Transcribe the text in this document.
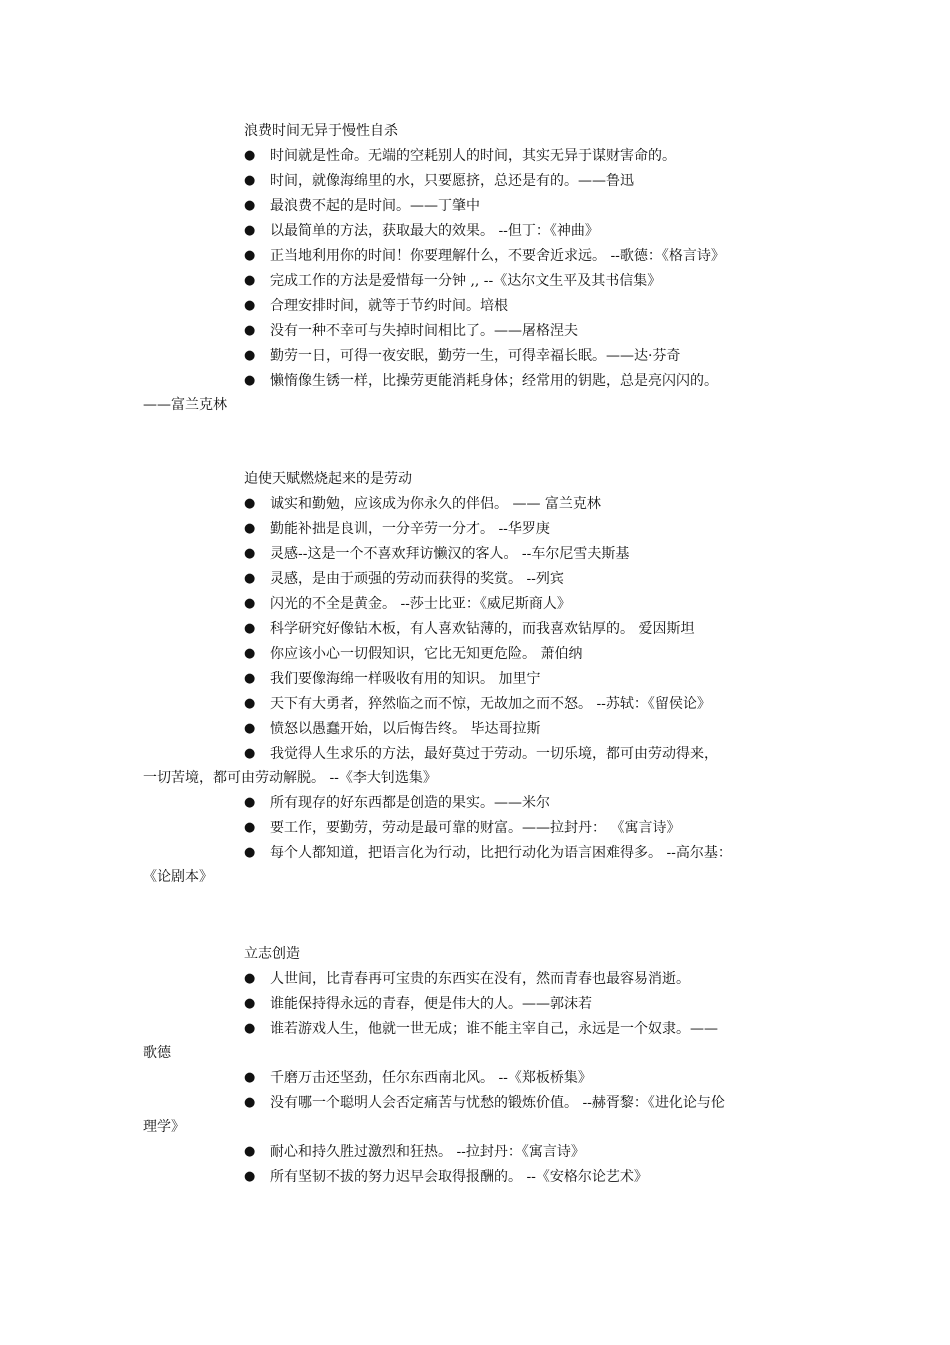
浪费时间无异于慢性自杀
● 时间就是性命。无端的空耗别人的时间，其实无异于谋财害命的。
● 时间，就像海绵里的水，只要愿挤，总还是有的。——鲁迅
● 最浪费不起的是时间。——丁肇中
● 以最简单的方法，获取最大的效果。 --但丁：《神曲》
● 正当地利用你的时间！你要理解什么，不要舍近求远。 --歌德：《格言诗》
● 完成工作的方法是爱惜每一分钟 ,, --《达尔文生平及其书信集》
● 合理安排时间，就等于节约时间。培根
● 没有一种不幸可与失掉时间相比了。——屠格涅夫
● 勤劳一日，可得一夜安眠，勤劳一生，可得幸福长眠。——达·芬奇
● 懒惰像生锈一样，比操劳更能消耗身体；经常用的钥匙，总是亮闪闪的。
——富兰克林
迫使天赋燃烧起来的是劳动
● 诚实和勤勉，应该成为你永久的伴侣。 —— 富兰克林
● 勤能补拙是良训，一分辛劳一分才。 --华罗庚
● 灵感--这是一个不喜欢拜访懒汉的客人。 --车尔尼雪夫斯基
● 灵感，是由于顽强的劳动而获得的奖赏。 --列宾
● 闪光的不全是黄金。 --莎士比亚：《威尼斯商人》
● 科学研究好像钻木板，有人喜欢钻薄的，而我喜欢钻厚的。 爱因斯坦
● 你应该小心一切假知识，它比无知更危险。 萧伯纳
● 我们要像海绵一样吸收有用的知识。 加里宁
● 天下有大勇者，猝然临之而不惊，无故加之而不怒。 --苏轼：《留侯论》
● 愤怒以愚蠢开始，以后悔告终。 毕达哥拉斯
● 我觉得人生求乐的方法，最好莫过于劳动。一切乐境，都可由劳动得来，
一切苦境，都可由劳动解脱。 --《李大钊选集》
● 所有现存的好东西都是创造的果实。——米尔
● 要工作，要勤劳，劳动是最可靠的财富。——拉封丹： 《寓言诗》
● 每个人都知道，把语言化为行动，比把行动化为语言困难得多。 --高尔基：
《论剧本》
立志创造
● 人世间，比青春再可宝贵的东西实在没有，然而青春也最容易消逝。
● 谁能保持得永远的青春，便是伟大的人。——郭沫若
● 谁若游戏人生，他就一世无成；谁不能主宰自己，永远是一个奴隶。——
歌德
● 千磨万击还坚劲，任尔东西南北风。 --《郑板桥集》
● 没有哪一个聪明人会否定痛苦与忧愁的锻炼价值。 --赫胥黎：《进化论与伦
理学》
● 耐心和持久胜过激烈和狂热。 --拉封丹：《寓言诗》
● 所有坚韧不拔的努力迟早会取得报酬的。 --《安格尔论艺术》
